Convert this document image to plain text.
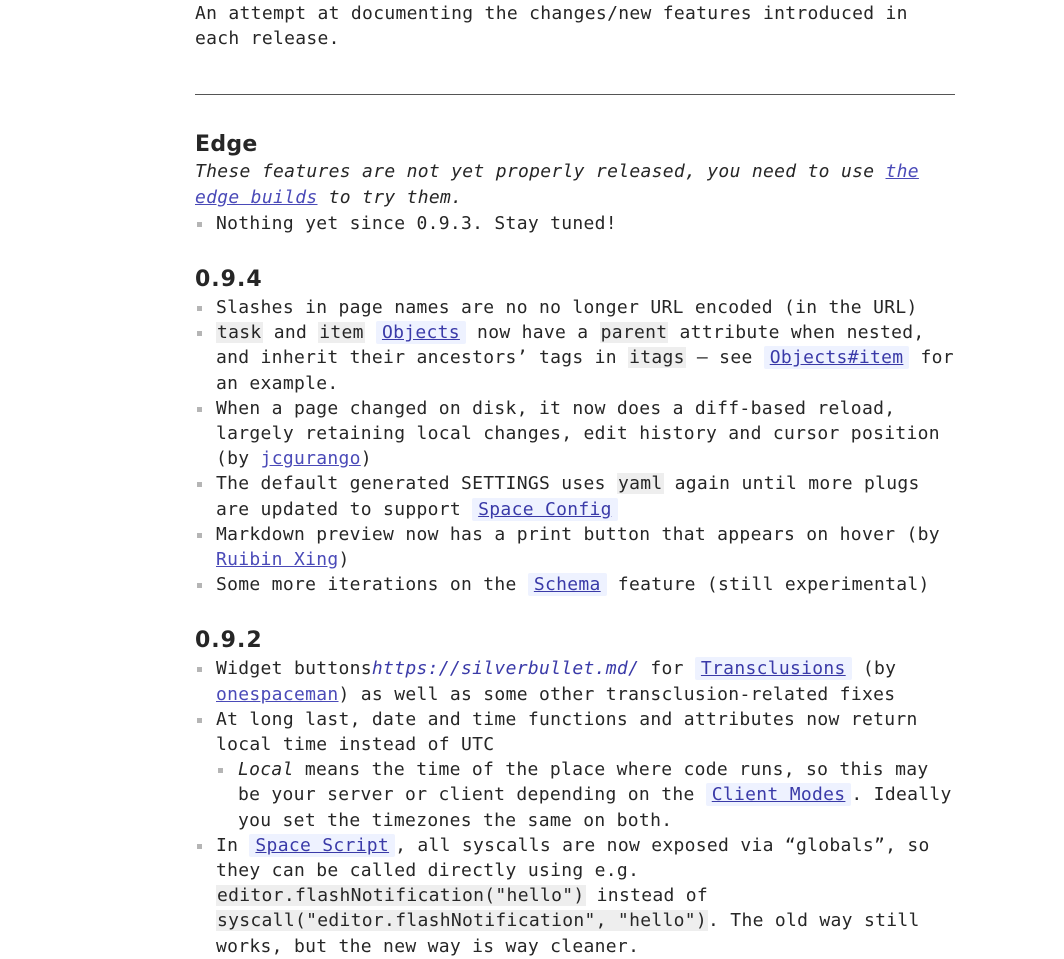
An attempt at documenting the changes/new features introduced in each release.

Edge

These features are not yet properly released, you need to use the edge builds to try them.

Nothing yet since 0.9.3. Stay tuned!
0.9.4
Slashes in page names are no no longer URL encoded (in the URL)
task and item Objects now have a parent attribute when nested, and inherit their ancestors’ tags in itags — see Objects#item for an example.
When a page changed on disk, it now does a diff-based reload, largely retaining local changes, edit history and cursor position (by jcgurango)
The default generated SETTINGS uses yaml again until more plugs are updated to support Space Config
Markdown preview now has a print button that appears on hover (by Ruibin Xing)
Some more iterations on the Schema feature (still experimental)
0.9.2
Widget buttonshttps://silverbullet.md/ for Transclusions (by onespaceman) as well as some other transclusion-related fixes
At long last, date and time functions and attributes now return local time instead of UTC
Local means the time of the place where code runs, so this may be your server or client depending on the Client Modes . Ideally you set the timezones the same on both.
In Space Script , all syscalls are now exposed via “globals”, so they can be called directly using e.g. editor.flashNotification("hello") instead of syscall("editor.flashNotification", "hello"). The old way still works, but the new way is way cleaner.
